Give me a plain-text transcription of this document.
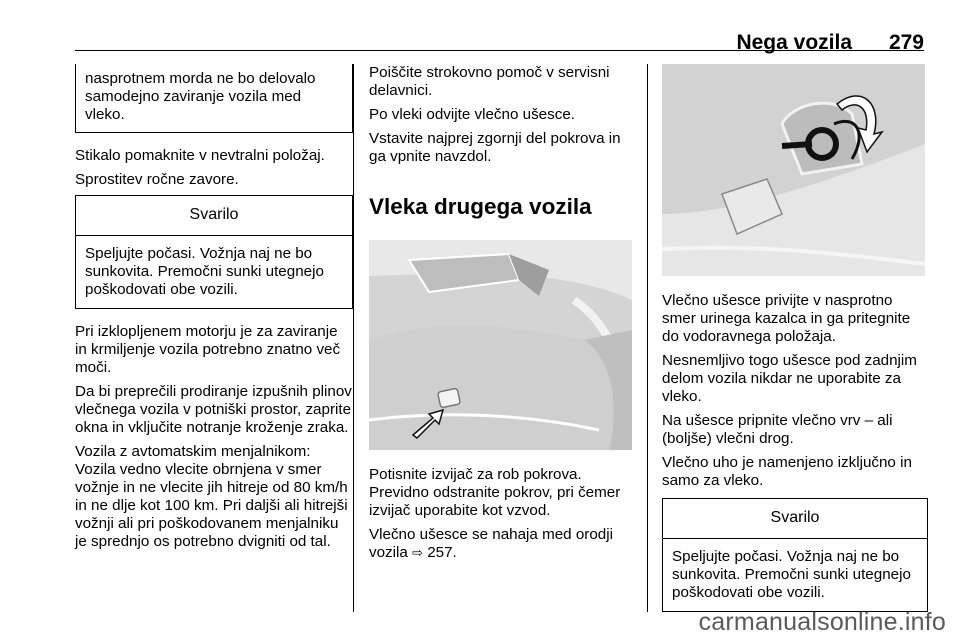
Nega vozila 279
nasprotnem morda ne bo delovalo samodejno zaviranje vozila med vleko.

Stikalo pomaknite v nevtralni položaj.

Sprostitev ročne zavore.

Svarilo
Speljujte počasi. Vožnja naj ne bo sunkovita. Premočni sunki utegnejo poškodovati obe vozili.

Pri izklopljenem motorju je za zaviranje in krmiljenje vozila potrebno znatno več moči.

Da bi preprečili prodiranje izpušnih plinov vlečnega vozila v potniški prostor, zaprite okna in vključite notranje kroženje zraka.

Vozila z avtomatskim menjalnikom: Vozila vedno vlecite obrnjena v smer vožnje in ne vlecite jih hitreje od 80 km/h in ne dlje kot 100 km. Pri daljši ali hitrejši vožnji ali pri poškodovanem menjalniku je sprednjo os potrebno dvigniti od tal.

Poiščite strokovno pomoč v servisni delavnici.

Po vleki odvijte vlečno ušesce.

Vstavite najprej zgornji del pokrova in ga vpnite navzdol.

Vleka drugega vozila

Potisnite izvijač za rob pokrova. Previdno odstranite pokrov, pri čemer izvijač uporabite kot vzvod.

Vlečno ušesce se nahaja med orodji vozila ⇨ 257.

Vlečno ušesce privijte v nasprotno smer urinega kazalca in ga pritegnite do vodoravnega položaja.

Nesnemljivo togo ušesce pod zadnjim delom vozila nikdar ne uporabite za vleko.

Na ušesce pripnite vlečno vrv – ali (boljše) vlečni drog.

Vlečno uho je namenjeno izključno in samo za vleko.

Svarilo
Speljujte počasi. Vožnja naj ne bo sunkovita. Premočni sunki utegnejo poškodovati obe vozili.
carmanualsonline.info
